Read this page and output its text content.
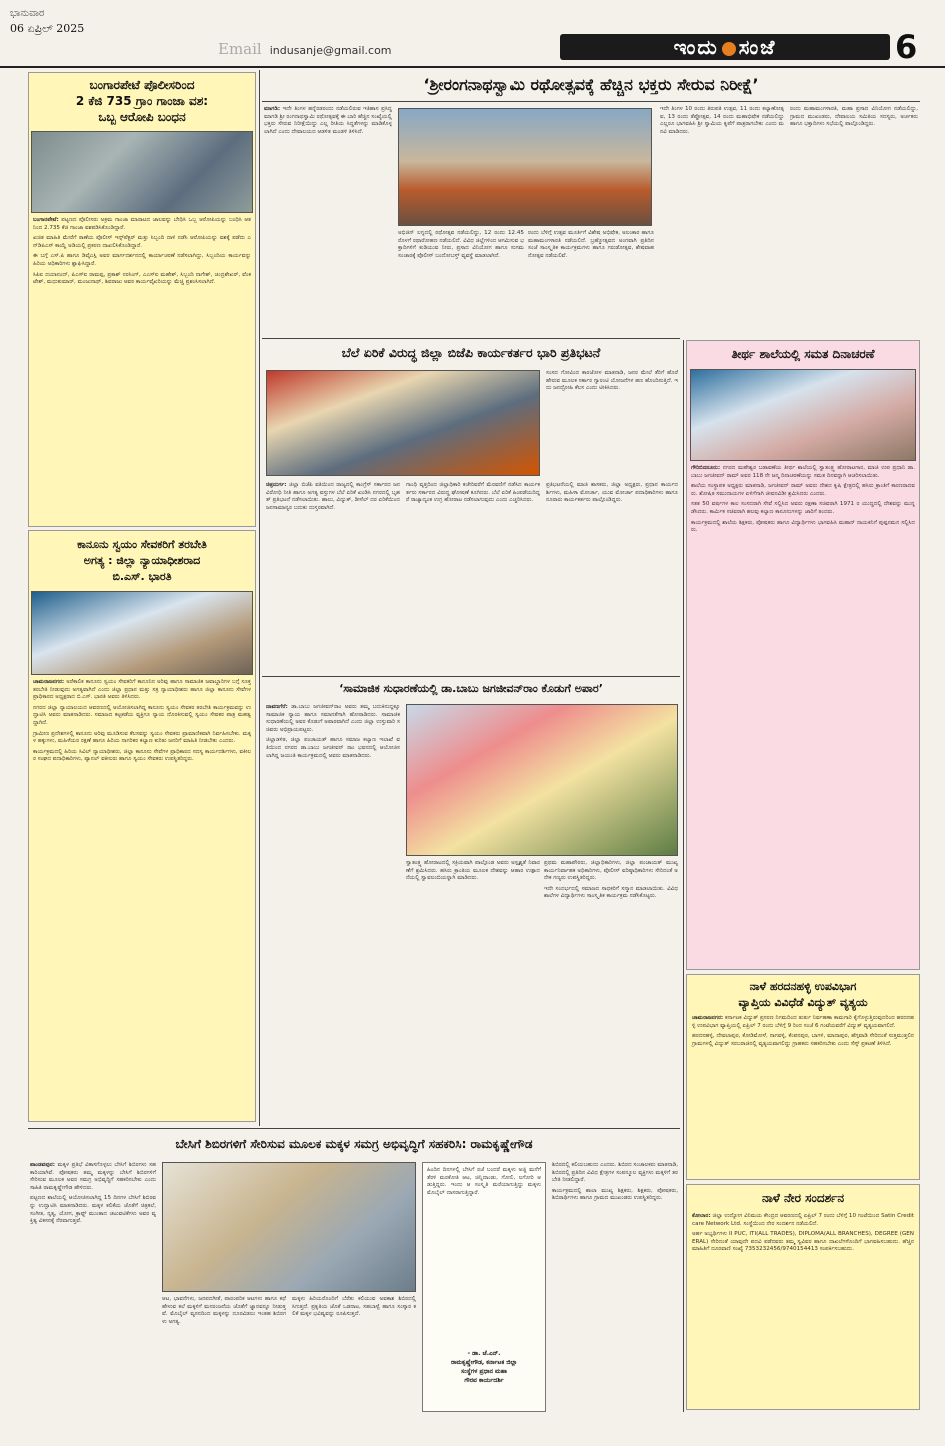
ಭಾನುವಾರ
06 ಏಪ್ರಿಲ್ 2025
Email indusanje@gmail.com	ಇಂದು ಸಂಜೆ	6
ಬಂಗಾರಪೇಟೆ ಪೊಲೀಸರಿಂದ
2 ಕೆಜಿ 735 ಗ್ರಾಂ ಗಾಂಜಾ ವಶ:
ಒಬ್ಬ ಆರೋಪಿ ಬಂಧನ
ಬಂಗಾರಪೇಟೆ: ಪಟ್ಟಣದ ಪೊಲೀಸರು ಅಕ್ರಮ ಗಾಂಜಾ ಮಾರಾಟದ ಜಾಲವನ್ನು ಬೇಧಿಸಿ ಒಬ್ಬ ಆರೋಪಿಯನ್ನು ಬಂಧಿಸಿ ಆತನಿಂದ 2.735 ಕೆಜಿ ಗಾಂಜಾ ವಶಪಡಿಸಿಕೊಂಡಿದ್ದಾರೆ.
ಖಚಿತ ಮಾಹಿತಿ ಮೇರೆಗೆ ಠಾಣೆಯ ಪೊಲೀಸ್ ಇನ್ಸ್‌ಪೆಕ್ಟರ್ ಮತ್ತು ಸಿಬ್ಬಂದಿ ದಾಳಿ ನಡೆಸಿ ಆರೋಪಿಯನ್ನು ವಶಕ್ಕೆ ಪಡೆದು ಎನ್‌ಡಿಪಿಎಸ್ ಕಾಯ್ದೆ ಅಡಿಯಲ್ಲಿ ಪ್ರಕರಣ ದಾಖಲಿಸಿಕೊಂಡಿದ್ದಾರೆ.
ಈ ಬಗ್ಗೆ ಎಸ್.ಪಿ ಹಾಗೂ ಡಿವೈಎಸ್ಪಿ ಅವರ ಮಾರ್ಗದರ್ಶನದಲ್ಲಿ ಕಾರ್ಯಾಚರಣೆ ನಡೆಸಲಾಗಿದ್ದು, ಸಿಬ್ಬಂದಿಯ ಕಾರ್ಯವನ್ನು ಹಿರಿಯ ಅಧಿಕಾರಿಗಳು ಶ್ಲಾಘಿಸಿದ್ದಾರೆ.
ಸಿಪಿಐ ದಯಾನಂದ್, ಪಿಎಸ್ಐ ರಾಮಪ್ಪ, ಪ್ರಕಾಶ್ ನರಸಿಂಗ್, ಎಎಸ್ಐ ಮಹೇಶ್, ಸಿಬ್ಬಂದಿ ನಾಗೇಶ್, ಚಂದ್ರಶೇಖರ್, ವೆಂಕಟೇಶ್, ಮಧುಕುಮಾರ್, ಮಂಜುನಾಥ್, ಶಿವರಾಜು ಅವರ ಕಾರ್ಯವೈಖರಿಯನ್ನು ಮೆಚ್ಚಿ ಪ್ರಶಂಸಿಸಲಾಗಿದೆ.
ಕಾನೂನು ಸ್ವಯಂ ಸೇವಕರಿಗೆ ತರಬೇತಿ
ಅಗತ್ಯ : ಜಿಲ್ಲಾ ನ್ಯಾಯಾಧೀಶರಾದ
ಬಿ.ಎಸ್. ಭಾರತಿ
ಚಾಮರಾಜನಗರ: ಅರೆಕಾಲಿಕ ಕಾನೂನು ಸ್ವಯಂ ಸೇವಕರಿಗೆ ಕಾನೂನಿನ ಅರಿವು ಹಾಗೂ ಸಾಮಾಜಿಕ ಜವಾಬ್ದಾರಿಗಳ ಬಗ್ಗೆ ಸೂಕ್ತ ತರಬೇತಿ ನೀಡುವುದು ಅಗತ್ಯವಾಗಿದೆ ಎಂದು ಜಿಲ್ಲಾ ಪ್ರಧಾನ ಮತ್ತು ಸತ್ರ ನ್ಯಾಯಾಧೀಶರು ಹಾಗೂ ಜಿಲ್ಲಾ ಕಾನೂನು ಸೇವೆಗಳ ಪ್ರಾಧಿಕಾರದ ಅಧ್ಯಕ್ಷರಾದ ಬಿ.ಎಸ್. ಭಾರತಿ ಅವರು ತಿಳಿಸಿದರು.
ನಗರದ ಜಿಲ್ಲಾ ನ್ಯಾಯಾಲಯದ ಆವರಣದಲ್ಲಿ ಆಯೋಜಿಸಲಾಗಿದ್ದ ಕಾನೂನು ಸ್ವಯಂ ಸೇವಕರ ತರಬೇತಿ ಕಾರ್ಯಕ್ರಮವನ್ನು ಉದ್ಘಾಟಿಸಿ ಅವರು ಮಾತನಾಡಿದರು. ಸಮಾಜದ ಕಟ್ಟಕಡೆಯ ವ್ಯಕ್ತಿಗೂ ನ್ಯಾಯ ದೊರಕಿಸುವಲ್ಲಿ ಸ್ವಯಂ ಸೇವಕರ ಪಾತ್ರ ಮಹತ್ವದ್ದಾಗಿದೆ.
ಗ್ರಾಮೀಣ ಪ್ರದೇಶಗಳಲ್ಲಿ ಕಾನೂನು ಅರಿವು ಮೂಡಿಸುವ ಕೆಲಸವನ್ನು ಸ್ವಯಂ ಸೇವಕರು ಪ್ರಾಮಾಣಿಕವಾಗಿ ನಿರ್ವಹಿಸಬೇಕು. ಮಕ್ಕಳ ಹಕ್ಕುಗಳು, ಮಹಿಳೆಯರ ರಕ್ಷಣೆ ಹಾಗೂ ಹಿರಿಯ ನಾಗರಿಕರ ಕಲ್ಯಾಣ ಕುರಿತು ಜನರಿಗೆ ಮಾಹಿತಿ ನೀಡಬೇಕು ಎಂದರು.
ಕಾರ್ಯಕ್ರಮದಲ್ಲಿ ಹಿರಿಯ ಸಿವಿಲ್ ನ್ಯಾಯಾಧೀಶರು, ಜಿಲ್ಲಾ ಕಾನೂನು ಸೇವೆಗಳ ಪ್ರಾಧಿಕಾರದ ಸದಸ್ಯ ಕಾರ್ಯದರ್ಶಿಗಳು, ವಕೀಲರ ಸಂಘದ ಪದಾಧಿಕಾರಿಗಳು, ಪ್ಯಾನಲ್ ವಕೀಲರು ಹಾಗೂ ಸ್ವಯಂ ಸೇವಕರು ಉಪಸ್ಥಿತರಿದ್ದರು.
‘ಶ್ರೀರಂಗನಾಥಸ್ವಾಮಿ ರಥೋತ್ಸವಕ್ಕೆ ಹೆಚ್ಚಿನ ಭಕ್ತರು ಸೇರುವ ನಿರೀಕ್ಷೆ’
ಮಾಗಡಿ: ಇದೇ ತಿಂಗಳ ಹನ್ನೆರಡರಂದು ನಡೆಯಲಿರುವ ಇತಿಹಾಸ ಪ್ರಸಿದ್ಧ ಮಾಗಡಿ ಶ್ರೀ ರಂಗನಾಥಸ್ವಾಮಿ ರಥೋತ್ಸವಕ್ಕೆ ಈ ಬಾರಿ ಹೆಚ್ಚಿನ ಸಂಖ್ಯೆಯಲ್ಲಿ ಭಕ್ತರು ಸೇರುವ ನಿರೀಕ್ಷೆಯಿದ್ದು ಎಲ್ಲ ರೀತಿಯ ಸಿದ್ಧತೆಗಳನ್ನು ಮಾಡಿಕೊಳ್ಳಲಾಗಿದೆ ಎಂದು ದೇವಾಲಯದ ಆಡಳಿತ ಮಂಡಳಿ ತಿಳಿಸಿದೆ.
ಅಭಿಜಿನ್ ಲಗ್ನದಲ್ಲಿ ರಥೋತ್ಸವ ನಡೆಯಲಿದ್ದು, 12 ರಂದು 12.45 ರೊಳಗೆ ರಥಾರೋಹಣ ನಡೆಯಲಿದೆ. ವಿವಿಧ ಜಿಲ್ಲೆಗಳಿಂದ ಆಗಮಿಸುವ ಭಕ್ತಾದಿಗಳಿಗೆ ಕುಡಿಯುವ ನೀರು, ಪ್ರಸಾದ ವಿನಿಯೋಗ ಹಾಗೂ ಸುಗಮ ಸಂಚಾರಕ್ಕೆ ಪೊಲೀಸ್ ಬಂದೋಬಸ್ತ್ ವ್ಯವಸ್ಥೆ ಮಾಡಲಾಗಿದೆ.
ರಂದು ಬೆಳಿಗ್ಗೆ ಉತ್ಸವ ಮೂರ್ತಿಗೆ ವಿಶೇಷ ಅಭಿಷೇಕ, ಅಲಂಕಾರ ಹಾಗೂ ಮಹಾಮಂಗಳಾರತಿ ನಡೆಯಲಿದೆ. ಬ್ರಹ್ಮೋತ್ಸವದ ಅಂಗವಾಗಿ ಪ್ರತಿದಿನ ಸಂಜೆ ಸಾಂಸ್ಕೃತಿಕ ಕಾರ್ಯಕ್ರಮಗಳು ಹಾಗೂ ಗರುಡೋತ್ಸವ, ಶೇಷವಾಹನೋತ್ಸವ ನಡೆಯಲಿವೆ.
ಇದೇ ತಿಂಗಳ 10 ರಂದು ತಿರುಪತಿ ಉತ್ಸವ, 11 ರಂದು ಕಲ್ಯಾಣೋತ್ಸವ, 13 ರಂದು ತೆಪ್ಪೋತ್ಸವ, 14 ರಂದು ಮಹಾಭಿಷೇಕ ನಡೆಯಲಿದ್ದು ಎಲ್ಲರೂ ಭಾಗವಹಿಸಿ ಶ್ರೀ ಸ್ವಾಮಿಯ ಕೃಪೆಗೆ ಪಾತ್ರರಾಗಬೇಕು ಎಂದು ಮನವಿ ಮಾಡಿದರು.
ರಂದು ಮಹಾಮಂಗಳಾರತಿ, ಮಹಾ ಪ್ರಸಾದ ವಿನಿಯೋಗ ನಡೆಯಲಿದ್ದು, ಗ್ರಾಮದ ಮುಖಂಡರು, ದೇವಾಲಯ ಸಮಿತಿಯ ಸದಸ್ಯರು, ಅರ್ಚಕರು ಹಾಗೂ ಭಕ್ತಾದಿಗಳು ಸಭೆಯಲ್ಲಿ ಪಾಲ್ಗೊಂಡಿದ್ದರು.
ಬೆಲೆ ಏರಿಕೆ ವಿರುದ್ಧ ಜಿಲ್ಲಾ ಬಿಜೆಪಿ ಕಾರ್ಯಕರ್ತರ ಭಾರಿ ಪ್ರತಿಭಟನೆ
ಸಂಸದ ಗೋವಿಂದ ಕಾರಜೋಳ ಮಾತನಾಡಿ, ಜನರ ಮೇಲೆ ತೆರಿಗೆ ಹೊರೆ ಹೇರುವ ಮೂಲಕ ಸರ್ಕಾರ ಗ್ಯಾರಂಟಿ ಯೋಜನೆಗಳ ಹಣ ಹೊಂದಿಸುತ್ತಿದೆ. ಇದು ಜನದ್ರೋಹಿ ಕೆಲಸ ಎಂದು ಟೀಕಿಸಿದರು.
ಚಿತ್ರದುರ್ಗ: ಜಿಲ್ಲಾ ಬಿಜೆಪಿ ವತಿಯಿಂದ ರಾಜ್ಯದಲ್ಲಿ ಕಾಂಗ್ರೆಸ್ ಸರ್ಕಾರದ ಜನವಿರೋಧಿ ನೀತಿ ಹಾಗೂ ಅಗತ್ಯ ವಸ್ತುಗಳ ಬೆಲೆ ಏರಿಕೆ ಖಂಡಿಸಿ ನಗರದಲ್ಲಿ ಬೃಹತ್ ಪ್ರತಿಭಟನೆ ನಡೆಸಲಾಯಿತು. ಹಾಲು, ವಿದ್ಯುತ್, ಡೀಸೆಲ್ ದರ ಏರಿಕೆಯಿಂದ ಜನಸಾಮಾನ್ಯರ ಬದುಕು ದುಸ್ತರವಾಗಿದೆ.
ಗಾಂಧಿ ವೃತ್ತದಿಂದ ಜಿಲ್ಲಾಧಿಕಾರಿ ಕಚೇರಿವರೆಗೆ ಮೆರವಣಿಗೆ ನಡೆಸಿದ ಕಾರ್ಯಕರ್ತರು ಸರ್ಕಾರದ ವಿರುದ್ಧ ಘೋಷಣೆ ಕೂಗಿದರು. ಬೆಲೆ ಏರಿಕೆ ಹಿಂಪಡೆಯದಿದ್ದರೆ ರಾಜ್ಯಾದ್ಯಂತ ಉಗ್ರ ಹೋರಾಟ ನಡೆಸಲಾಗುವುದು ಎಂದು ಎಚ್ಚರಿಸಿದರು.
ಪ್ರತಿಭಟನೆಯಲ್ಲಿ ಮಾಜಿ ಶಾಸಕರು, ಜಿಲ್ಲಾ ಅಧ್ಯಕ್ಷರು, ಪ್ರಧಾನ ಕಾರ್ಯದರ್ಶಿಗಳು, ಮಹಿಳಾ ಮೋರ್ಚಾ, ಯುವ ಮೋರ್ಚಾ ಪದಾಧಿಕಾರಿಗಳು ಹಾಗೂ ನೂರಾರು ಕಾರ್ಯಕರ್ತರು ಪಾಲ್ಗೊಂಡಿದ್ದರು.
ತೀರ್ಥ ಶಾಲೆಯಲ್ಲಿ ಸಮತ ದಿನಾಚರಣೆ
ಗೌರಿಬಿದನೂರು: ನಗರದ ಮಹೇಶ್ವರ ಬಡಾವಣೆಯ ತೀರ್ಥ ಶಾಲೆಯಲ್ಲಿ ಸ್ವಾತಂತ್ರ್ಯ ಹೋರಾಟಗಾರ, ಮಾಜಿ ಉಪ ಪ್ರಧಾನಿ ಡಾ. ಬಾಬು ಜಗಜೀವನ್ ರಾಮ್ ಅವರ 118 ನೇ ಜನ್ಮ ದಿನಾಚರಣೆಯನ್ನು ಸಮತ ದಿನವನ್ನಾಗಿ ಆಚರಿಸಲಾಯಿತು.
ಶಾಲೆಯ ಸಂಸ್ಥಾಪಕ ಅಧ್ಯಕ್ಷರು ಮಾತನಾಡಿ, ಜಗಜೀವನ್ ರಾಮ್ ಅವರು ದೇಶದ ಕೃಷಿ ಕ್ಷೇತ್ರದಲ್ಲಿ ಹಸಿರು ಕ್ರಾಂತಿಗೆ ಕಾರಣರಾದವರು. ಶೋಷಿತ ಸಮುದಾಯಗಳ ಏಳಿಗೆಗಾಗಿ ಜೀವನವಿಡೀ ಶ್ರಮಿಸಿದರು ಎಂದರು.
ಸತತ 50 ವರ್ಷಗಳ ಕಾಲ ಸಂಸದರಾಗಿ ಸೇವೆ ಸಲ್ಲಿಸಿದ ಅವರು ರಕ್ಷಣಾ ಸಚಿವರಾಗಿ 1971 ರ ಯುದ್ಧದಲ್ಲಿ ದೇಶವನ್ನು ಮುನ್ನಡೆಸಿದರು. ಕಾರ್ಮಿಕ ಸಚಿವರಾಗಿ ಹಲವು ಕಲ್ಯಾಣ ಕಾನೂನುಗಳನ್ನು ಜಾರಿಗೆ ತಂದರು.
ಕಾರ್ಯಕ್ರಮದಲ್ಲಿ ಶಾಲೆಯ ಶಿಕ್ಷಕರು, ಪೋಷಕರು ಹಾಗೂ ವಿದ್ಯಾರ್ಥಿಗಳು ಭಾಗವಹಿಸಿ ಮಹಾನ್ ನಾಯಕನಿಗೆ ಪುಷ್ಪನಮನ ಸಲ್ಲಿಸಿದರು.
‘ಸಾಮಾಜಿಕ ಸುಧಾರಣೆಯಲ್ಲಿ ಡಾ.ಬಾಬು ಜಗಜೀವನ್‌ರಾಂ ಕೊಡುಗೆ ಅಪಾರ’
ದಾವಣಗೆರೆ: ಡಾ.ಬಾಬು ಜಗಜೀವನ್‌ರಾಂ ಅವರು ತಮ್ಮ ಬದುಕಿನುದ್ದಕ್ಕೂ ಸಾಮಾಜಿಕ ನ್ಯಾಯ ಹಾಗೂ ಸಮಾನತೆಗಾಗಿ ಹೋರಾಡಿದರು. ಸಾಮಾಜಿಕ ಸುಧಾರಣೆಯಲ್ಲಿ ಅವರ ಕೊಡುಗೆ ಅಪಾರವಾಗಿದೆ ಎಂದು ಜಿಲ್ಲಾ ಉಸ್ತುವಾರಿ ಸಚಿವರು ಅಭಿಪ್ರಾಯಪಟ್ಟರು.
ಜಿಲ್ಲಾಡಳಿತ, ಜಿಲ್ಲಾ ಪಂಚಾಯತ್ ಹಾಗೂ ಸಮಾಜ ಕಲ್ಯಾಣ ಇಲಾಖೆ ವತಿಯಿಂದ ನಗರದ ಡಾ.ಬಾಬು ಜಗಜೀವನ್ ರಾಂ ಭವನದಲ್ಲಿ ಆಯೋಜಿಸಲಾಗಿದ್ದ ಜಯಂತಿ ಕಾರ್ಯಕ್ರಮದಲ್ಲಿ ಅವರು ಮಾತನಾಡಿದರು.
ಸ್ವಾತಂತ್ರ್ಯ ಹೋರಾಟದಲ್ಲಿ ಸಕ್ರಿಯವಾಗಿ ಪಾಲ್ಗೊಂಡ ಅವರು ಅಸ್ಪೃಶ್ಯತೆ ನಿವಾರಣೆಗೆ ಶ್ರಮಿಸಿದರು. ಹಸಿರು ಕ್ರಾಂತಿಯ ಮೂಲಕ ದೇಶವನ್ನು ಆಹಾರ ಉತ್ಪಾದನೆಯಲ್ಲಿ ಸ್ವಾವಲಂಬಿಯನ್ನಾಗಿ ಮಾಡಿದರು.
ಪ್ರಥಮ ಮಹಾಪೌರರು, ಜಿಲ್ಲಾಧಿಕಾರಿಗಳು, ಜಿಲ್ಲಾ ಪಂಚಾಯತ್ ಮುಖ್ಯ ಕಾರ್ಯನಿರ್ವಾಹಕ ಅಧಿಕಾರಿಗಳು, ಪೊಲೀಸ್ ವರಿಷ್ಠಾಧಿಕಾರಿಗಳು ಸೇರಿದಂತೆ ಅನೇಕ ಗಣ್ಯರು ಉಪಸ್ಥಿತರಿದ್ದರು.
ಇದೇ ಸಂದರ್ಭದಲ್ಲಿ ಸಮಾಜದ ಸಾಧಕರಿಗೆ ಸನ್ಮಾನ ಮಾಡಲಾಯಿತು. ವಿವಿಧ ಶಾಲೆಗಳ ವಿದ್ಯಾರ್ಥಿಗಳು ಸಾಂಸ್ಕೃತಿಕ ಕಾರ್ಯಕ್ರಮ ನಡೆಸಿಕೊಟ್ಟರು.
ನಾಳೆ ಹರದನಹಳ್ಳಿ ಉಪವಿಭಾಗ
ವ್ಯಾಪ್ತಿಯ ವಿವಿಧೆಡೆ ವಿದ್ಯುತ್ ವ್ಯತ್ಯಯ
ಚಾಮರಾಜನಗರ: ಕರ್ನಾಟಕ ವಿದ್ಯುತ್ ಪ್ರಸರಣ ನಿಗಮದಿಂದ ತುರ್ತು ನಿರ್ವಹಣಾ ಕಾಮಗಾರಿ ಕೈಗೊಳ್ಳುತ್ತಿರುವುದರಿಂದ ಹರದನಹಳ್ಳಿ ಉಪವಿಭಾಗ ವ್ಯಾಪ್ತಿಯಲ್ಲಿ ಏಪ್ರಿಲ್ 7 ರಂದು ಬೆಳಿಗ್ಗೆ 9 ರಿಂದ ಸಂಜೆ 6 ಗಂಟೆಯವರೆಗೆ ವಿದ್ಯುತ್ ವ್ಯತ್ಯಯವಾಗಲಿದೆ.
ಹರದನಹಳ್ಳಿ, ದೇವಲಾಪುರ, ಕೋಡಿಮೋಳೆ, ನಾಗವಳ್ಳಿ, ಕೆಂಪನಪುರ, ಬಾಗಳಿ, ಮಾದಾಪುರ, ಹೆಗ್ಗವಾಡಿ ಸೇರಿದಂತೆ ಸುತ್ತಮುತ್ತಲಿನ ಗ್ರಾಮಗಳಲ್ಲಿ ವಿದ್ಯುತ್ ಸರಬರಾಜಿನಲ್ಲಿ ವ್ಯತ್ಯಯವಾಗಲಿದ್ದು ಗ್ರಾಹಕರು ಸಹಕರಿಸಬೇಕು ಎಂದು ಸೆಸ್ಕ್ ಪ್ರಕಟಣೆ ತಿಳಿಸಿದೆ.
ನಾಳೆ ನೇರ ಸಂದರ್ಶನ
ಕೋಲಾರ: ಜಿಲ್ಲಾ ಉದ್ಯೋಗ ವಿನಿಮಯ ಕೇಂದ್ರದ ಆವರಣದಲ್ಲಿ ಏಪ್ರಿಲ್ 7 ರಂದು ಬೆಳಿಗ್ಗೆ 10 ಗಂಟೆಯಿಂದ Satin Creditcare Network Ltd. ಸಂಸ್ಥೆಯಿಂದ ನೇರ ಸಂದರ್ಶನ ನಡೆಯಲಿದೆ.
ಅರ್ಹ ಅಭ್ಯರ್ಥಿಗಳು II PUC, ITI(ALL TRADES), DIPLOMA(ALL BRANCHES), DEGREE (GENERAL) ಸೇರಿದಂತೆ ಯಾವುದೇ ಪದವಿ ಪಡೆದವರು ತಮ್ಮ ಸ್ವವಿವರ ಹಾಗೂ ದಾಖಲೆಗಳೊಂದಿಗೆ ಭಾಗವಹಿಸಬಹುದು. ಹೆಚ್ಚಿನ ಮಾಹಿತಿಗೆ ದೂರವಾಣಿ ಸಂಖ್ಯೆ 7353232456/9740154413 ಸಂಪರ್ಕಿಸಬಹುದು.
ಬೇಸಿಗೆ ಶಿಬಿರಗಳಿಗೆ ಸೇರಿಸುವ ಮೂಲಕ ಮಕ್ಕಳ ಸಮಗ್ರ ಅಭಿವೃದ್ಧಿಗೆ ಸಹಕರಿಸಿ: ರಾಮಕೃಷ್ಣೇಗೌಡ
ಪಾಂಡವಪುರ: ಮಕ್ಕಳ ಪ್ರತಿಭೆ ವಿಕಾಸಗೊಳ್ಳಲು ಬೇಸಿಗೆ ಶಿಬಿರಗಳು ಸಹಕಾರಿಯಾಗಿವೆ. ಪೋಷಕರು ತಮ್ಮ ಮಕ್ಕಳನ್ನು ಬೇಸಿಗೆ ಶಿಬಿರಗಳಿಗೆ ಸೇರಿಸುವ ಮೂಲಕ ಅವರ ಸಮಗ್ರ ಅಭಿವೃದ್ಧಿಗೆ ಸಹಕರಿಸಬೇಕು ಎಂದು ಸಾಹಿತಿ ರಾಮಕೃಷ್ಣೇಗೌಡ ಹೇಳಿದರು.
ಪಟ್ಟಣದ ಶಾಲೆಯಲ್ಲಿ ಆಯೋಜಿಸಲಾಗಿದ್ದ 15 ದಿನಗಳ ಬೇಸಿಗೆ ಶಿಬಿರವನ್ನು ಉದ್ಘಾಟಿಸಿ ಮಾತನಾಡಿದರು. ಮಕ್ಕಳ ಕಲಿಕೆಯ ಜೊತೆಗೆ ಚಿತ್ರಕಲೆ, ಸಂಗೀತ, ನೃತ್ಯ, ಯೋಗ, ಕ್ರಾಫ್ಟ್ ಮುಂತಾದ ಚಟುವಟಿಕೆಗಳು ಅವರ ವ್ಯಕ್ತಿತ್ವ ವಿಕಸನಕ್ಕೆ ನೆರವಾಗುತ್ತವೆ.
ಆಟ, ಭಾವನೆಗಳು, ಜನಪದಗೀತೆ, ಪಾರಂಪರಿಕ ಆಟಗಳು ಹಾಗೂ ಕಥೆ ಹೇಳುವ ಕಲೆ ಮಕ್ಕಳಿಗೆ ಮನರಂಜನೆಯ ಜೊತೆಗೆ ಜ್ಞಾನವನ್ನೂ ನೀಡುತ್ತವೆ. ಮೊಬೈಲ್ ವ್ಯಸನದಿಂದ ಮಕ್ಕಳನ್ನು ದೂರವಿಡಲು ಇಂತಹ ಶಿಬಿರಗಳು ಅಗತ್ಯ.
ಮಕ್ಕಳು ಹಿರಿಯರೊಂದಿಗೆ ಬೆರೆತು ಕಲಿಯುವ ಅವಕಾಶ ಶಿಬಿರದಲ್ಲಿ ಸಿಗುತ್ತದೆ. ಪ್ರಕೃತಿಯ ಜೊತೆ ಒಡನಾಟ, ಸಹಬಾಳ್ವೆ ಹಾಗೂ ಸಂಸ್ಕಾರ ಕಲಿಕೆ ಮಕ್ಕಳ ಭವಿಷ್ಯವನ್ನು ರೂಪಿಸುತ್ತದೆ.
ಹಿಂದಿನ ದಿನಗಳಲ್ಲಿ ಬೇಸಿಗೆ ರಜೆ ಬಂದರೆ ಮಕ್ಕಳು ಅಜ್ಜಿ ಮನೆಗೆ ತೆರಳಿ ಮರಕೋತಿ ಆಟ, ಚಿನ್ನಿದಾಂಡು, ಗೋಲಿ, ಲಗೋರಿ ಆಡುತ್ತಿದ್ದರು. ಇಂದು ಆ ಸಂಸ್ಕೃತಿ ಮರೆಯಾಗುತ್ತಿದ್ದು ಮಕ್ಕಳು ಮೊಬೈಲ್ ದಾಸರಾಗುತ್ತಿದ್ದಾರೆ.
- ಡಾ. ಜೆ.ಎನ್.
ರಾಮಕೃಷ್ಣೇಗೌಡ, ಕರ್ನಾಟಕ ಜಿಲ್ಲಾ
ಸಂಸ್ಥೆಗಳ ಪ್ರಧಾನ ಮಹಾ
ಗೌರವ ಕಾರ್ಯದರ್ಶಿ
ಶಿಬಿರದಲ್ಲಿ ಕಲಿಯಬಹುದು ಎಂದರು. ಶಿಬಿರದ ಸಂಚಾಲಕರು ಮಾತನಾಡಿ, ಶಿಬಿರದಲ್ಲಿ ಪ್ರತಿದಿನ ವಿವಿಧ ಕ್ಷೇತ್ರಗಳ ಸಂಪನ್ಮೂಲ ವ್ಯಕ್ತಿಗಳು ಮಕ್ಕಳಿಗೆ ತರಬೇತಿ ನೀಡಲಿದ್ದಾರೆ.
ಕಾರ್ಯಕ್ರಮದಲ್ಲಿ ಶಾಲಾ ಮುಖ್ಯ ಶಿಕ್ಷಕರು, ಶಿಕ್ಷಕರು, ಪೋಷಕರು, ಶಿಬಿರಾರ್ಥಿಗಳು ಹಾಗೂ ಗ್ರಾಮದ ಮುಖಂಡರು ಉಪಸ್ಥಿತರಿದ್ದರು.
